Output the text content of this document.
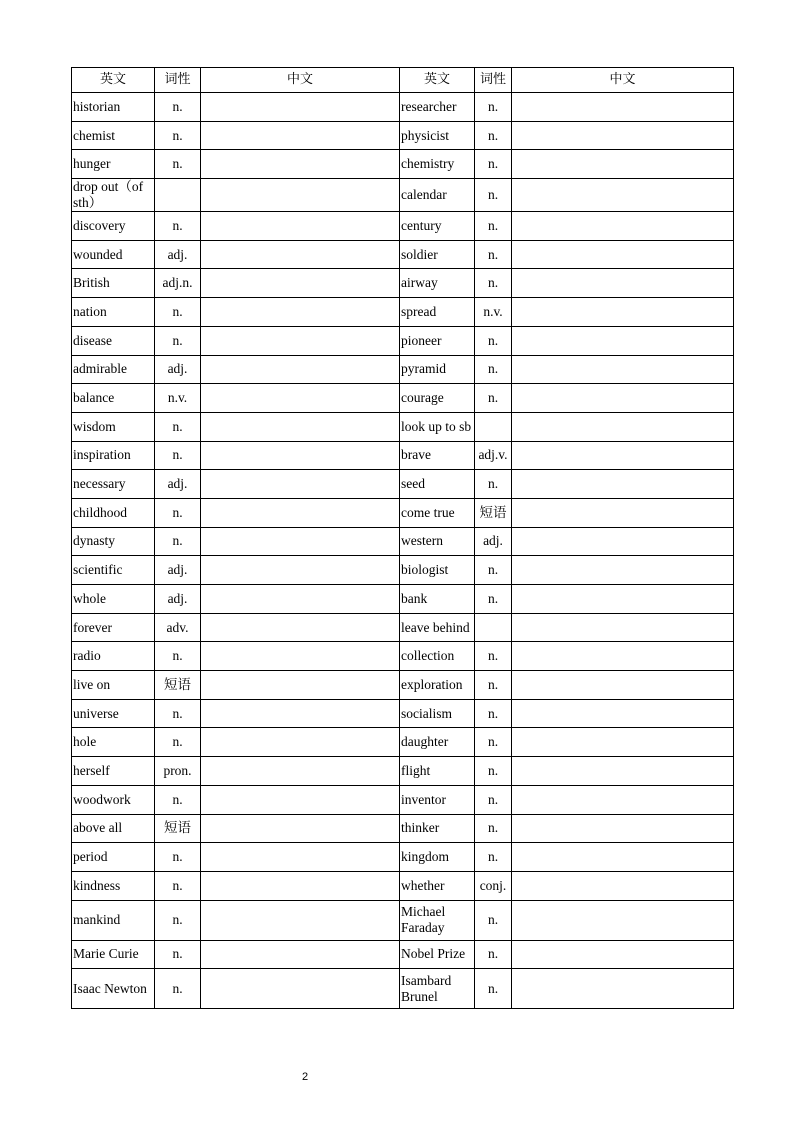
英文	词性	中文	英文	词性	中文
historian	n.		researcher	n.	
chemist	n.		physicist	n.	
hunger	n.		chemistry	n.	
drop out（of sth）			calendar	n.	
discovery	n.		century	n.	
wounded	adj.		soldier	n.	
British	adj.n.		airway	n.	
nation	n.		spread	n.v.	
disease	n.		pioneer	n.	
admirable	adj.		pyramid	n.	
balance	n.v.		courage	n.	
wisdom	n.		look up to sb		
inspiration	n.		brave	adj.v.	
necessary	adj.		seed	n.	
childhood	n.		come true	短语	
dynasty	n.		western	adj.	
scientific	adj.		biologist	n.	
whole	adj.		bank	n.	
forever	adv.		leave behind		
radio	n.		collection	n.	
live on	短语		exploration	n.	
universe	n.		socialism	n.	
hole	n.		daughter	n.	
herself	pron.		flight	n.	
woodwork	n.		inventor	n.	
above all	短语		thinker	n.	
period	n.		kingdom	n.	
kindness	n.		whether	conj.	
mankind	n.		Michael Faraday	n.	
Marie Curie	n.		Nobel Prize	n.	
Isaac Newton	n.		Isambard Brunel	n.	
2
